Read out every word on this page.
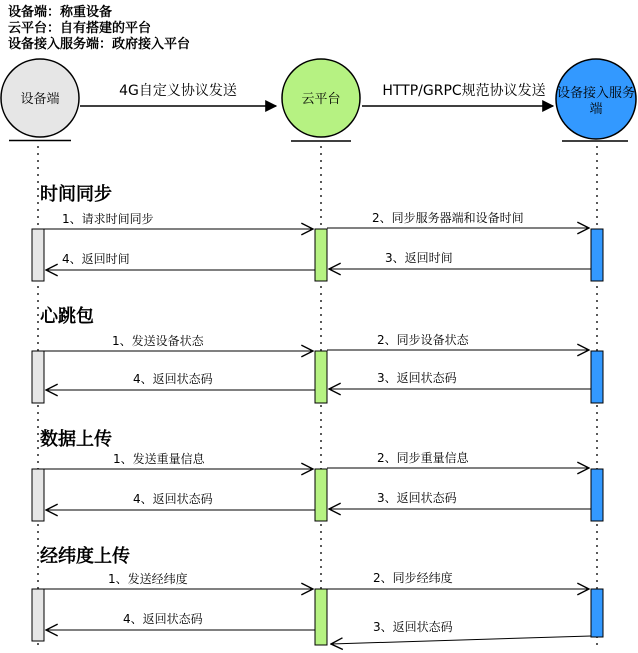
设备端：称重设备
云平台：自有搭建的平台
设备接入服务端：政府接入平台
设备端	云平台	设备接入服务
端
4G自定义协议发送	HTTP/GRPC规范协议发送
时间同步
1、请求时间同步	2、同步服务器端和设备时间
3、返回时间
4、返回时间
心跳包
1、发送设备状态	2、同步设备状态
3、返回状态码
4、返回状态码
数据上传
1、发送重量信息	2、同步重量信息
3、返回状态码
4、返回状态码
经纬度上传
1、发送经纬度	2、同步经纬度
3、返回状态码
4、返回状态码
